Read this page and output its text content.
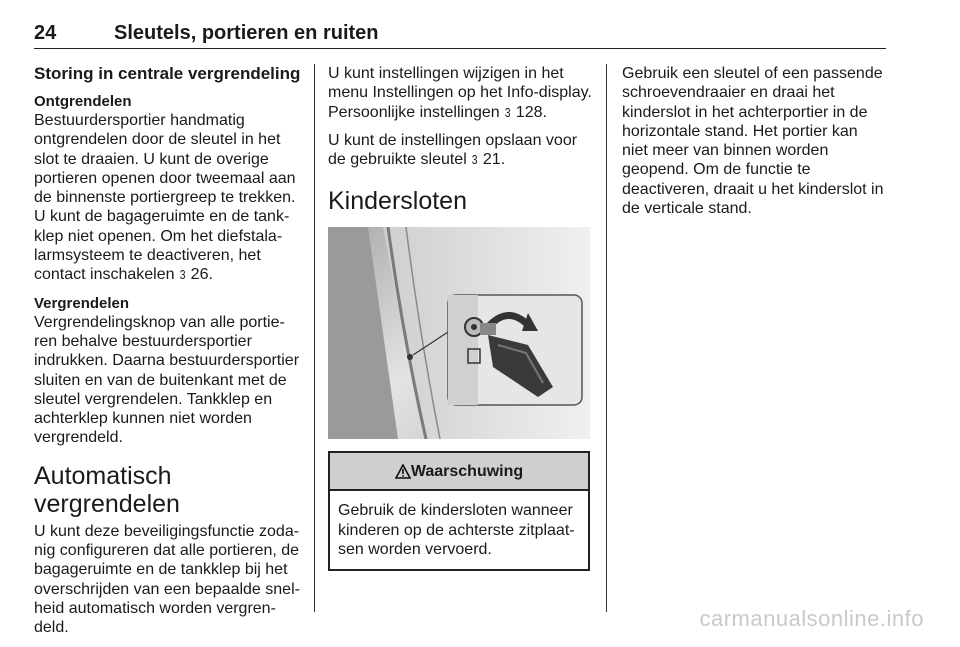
24	Sleutels, portieren en ruiten
Storing in centrale vergrendeling
Ontgrendelen

Bestuurdersportier handmatig ontgrendelen door de sleutel in het slot te draaien. U kunt de overige portieren openen door tweemaal aan de binnenste portiergreep te trekken. U kunt de bagageruimte en de tankklep niet openen. Om het diefstalalarmsysteem te deactiveren, het contact inschakelen 3 26.

Vergrendelen

Vergrendelingsknop van alle portieren behalve bestuurdersportier indrukken. Daarna bestuurdersportier sluiten en van de buitenkant met de sleutel vergrendelen. Tankklep en achterklep kunnen niet worden vergrendeld.

Automatisch vergrendelen

U kunt deze beveiligingsfunctie zodanig configureren dat alle portieren, de bagageruimte en de tankklep bij het overschrijden van een bepaalde snelheid automatisch worden vergrendeld.

U kunt instellingen wijzigen in het menu Instellingen op het Info-display. Persoonlijke instellingen 3 128.

U kunt de instellingen opslaan voor de gebruikte sleutel 3 21.

Kindersloten
Waarschuwing
Gebruik de kindersloten wanneer kinderen op de achterste zitplaatsen worden vervoerd.

Gebruik een sleutel of een passende schroevendraaier en draai het kinderslot in het achterportier in de horizontale stand. Het portier kan niet meer van binnen worden geopend. Om de functie te deactiveren, draait u het kinderslot in de verticale stand.

carmanualsonline.info
